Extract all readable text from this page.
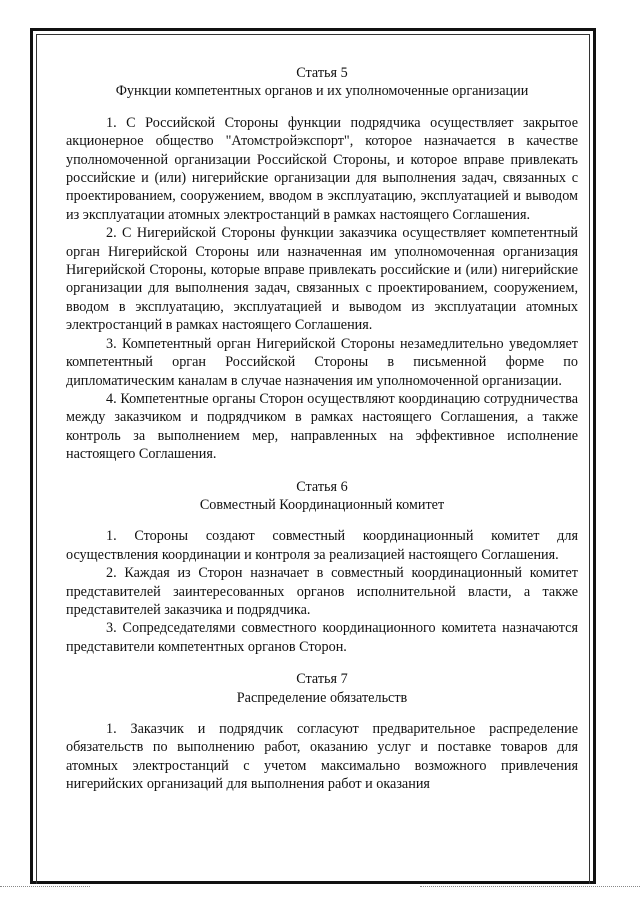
Статья 5
Функции компетентных органов и их уполномоченные организации

1. С Российской Стороны функции подрядчика осуществляет закрытое акционерное общество "Атомстройэкспорт", которое назначается в качестве уполномоченной организации Российской Стороны, и которое вправе привлекать российские и (или) нигерийские организации для выполнения задач, связанных с проектированием, сооружением, вводом в эксплуатацию, эксплуатацией и выводом из эксплуатации атомных электростанций в рамках настоящего Соглашения.

2. С Нигерийской Стороны функции заказчика осуществляет компетентный орган Нигерийской Стороны или назначенная им уполномоченная организация Нигерийской Стороны, которые вправе привлекать российские и (или) нигерийские организации для выполнения задач, связанных с проектированием, сооружением, вводом в эксплуатацию, эксплуатацией и выводом из эксплуатации атомных электростанций в рамках настоящего Соглашения.

3. Компетентный орган Нигерийской Стороны незамедлительно уведомляет компетентный орган Российской Стороны в письменной форме по дипломатическим каналам в случае назначения им уполномоченной организации.

4. Компетентные органы Сторон осуществляют координацию сотрудничества между заказчиком и подрядчиком в рамках настоящего Соглашения, а также контроль за выполнением мер, направленных на эффективное исполнение настоящего Соглашения.

Статья 6
Совместный Координационный комитет

1. Стороны создают совместный координационный комитет для осуществления координации и контроля за реализацией настоящего Соглашения.

2. Каждая из Сторон назначает в совместный координационный комитет представителей заинтересованных органов исполнительной власти, а также представителей заказчика и подрядчика.

3. Сопредседателями совместного координационного комитета назначаются представители компетентных органов Сторон.

Статья 7
Распределение обязательств

1. Заказчик и подрядчик согласуют предварительное распределение обязательств по выполнению работ, оказанию услуг и поставке товаров для атомных электростанций с учетом максимально возможного привлечения нигерийских организаций для выполнения работ и оказания
